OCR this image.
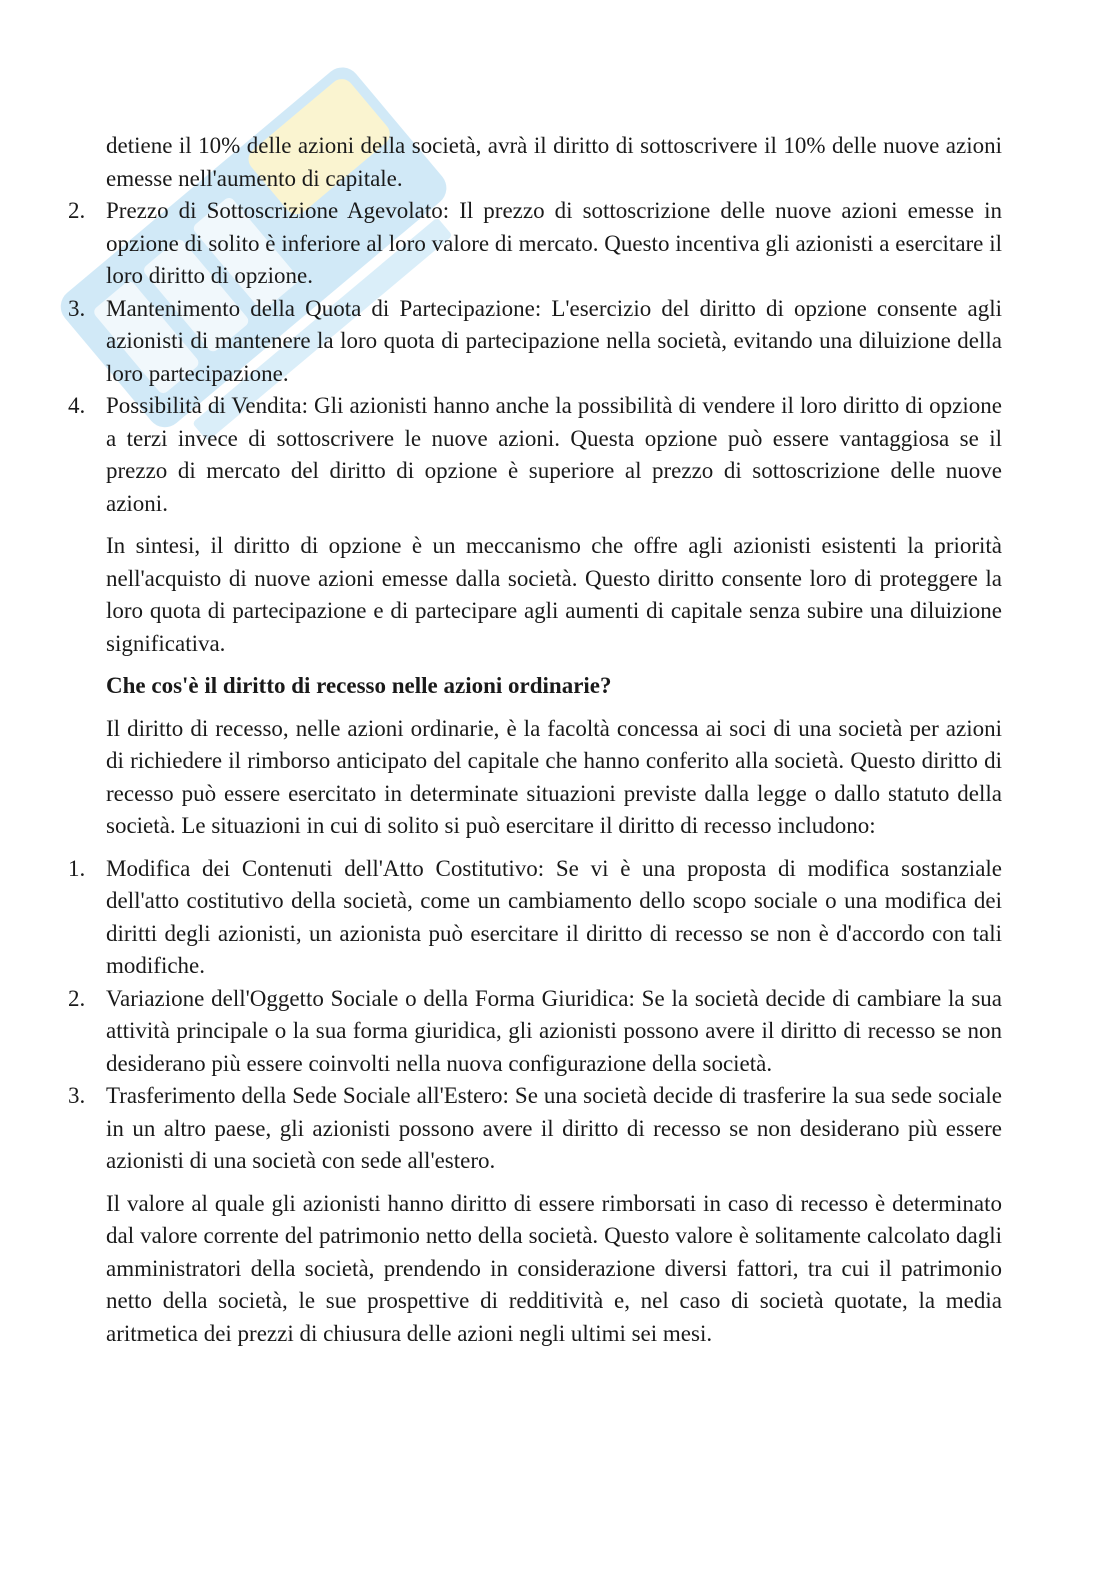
detiene il 10% delle azioni della società, avrà il diritto di sottoscrivere il 10% delle nuove azioni emesse nell'aumento di capitale.

2. Prezzo di Sottoscrizione Agevolato: Il prezzo di sottoscrizione delle nuove azioni emesse in opzione di solito è inferiore al loro valore di mercato. Questo incentiva gli azionisti a esercitare il loro diritto di opzione.
3. Mantenimento della Quota di Partecipazione: L'esercizio del diritto di opzione consente agli azionisti di mantenere la loro quota di partecipazione nella società, evitando una diluizione della loro partecipazione.
4. Possibilità di Vendita: Gli azionisti hanno anche la possibilità di vendere il loro diritto di opzione a terzi invece di sottoscrivere le nuove azioni. Questa opzione può essere vantaggiosa se il prezzo di mercato del diritto di opzione è superiore al prezzo di sottoscrizione delle nuove azioni.

In sintesi, il diritto di opzione è un meccanismo che offre agli azionisti esistenti la priorità nell'acquisto di nuove azioni emesse dalla società. Questo diritto consente loro di proteggere la loro quota di partecipazione e di partecipare agli aumenti di capitale senza subire una diluizione significativa.

Che cos'è il diritto di recesso nelle azioni ordinarie?

Il diritto di recesso, nelle azioni ordinarie, è la facoltà concessa ai soci di una società per azioni di richiedere il rimborso anticipato del capitale che hanno conferito alla società. Questo diritto di recesso può essere esercitato in determinate situazioni previste dalla legge o dallo statuto della società. Le situazioni in cui di solito si può esercitare il diritto di recesso includono:

1. Modifica dei Contenuti dell'Atto Costitutivo: Se vi è una proposta di modifica sostanziale dell'atto costitutivo della società, come un cambiamento dello scopo sociale o una modifica dei diritti degli azionisti, un azionista può esercitare il diritto di recesso se non è d'accordo con tali modifiche.
2. Variazione dell'Oggetto Sociale o della Forma Giuridica: Se la società decide di cambiare la sua attività principale o la sua forma giuridica, gli azionisti possono avere il diritto di recesso se non desiderano più essere coinvolti nella nuova configurazione della società.
3. Trasferimento della Sede Sociale all'Estero: Se una società decide di trasferire la sua sede sociale in un altro paese, gli azionisti possono avere il diritto di recesso se non desiderano più essere azionisti di una società con sede all'estero.

Il valore al quale gli azionisti hanno diritto di essere rimborsati in caso di recesso è determinato dal valore corrente del patrimonio netto della società. Questo valore è solitamente calcolato dagli amministratori della società, prendendo in considerazione diversi fattori, tra cui il patrimonio netto della società, le sue prospettive di redditività e, nel caso di società quotate, la media aritmetica dei prezzi di chiusura delle azioni negli ultimi sei mesi.
